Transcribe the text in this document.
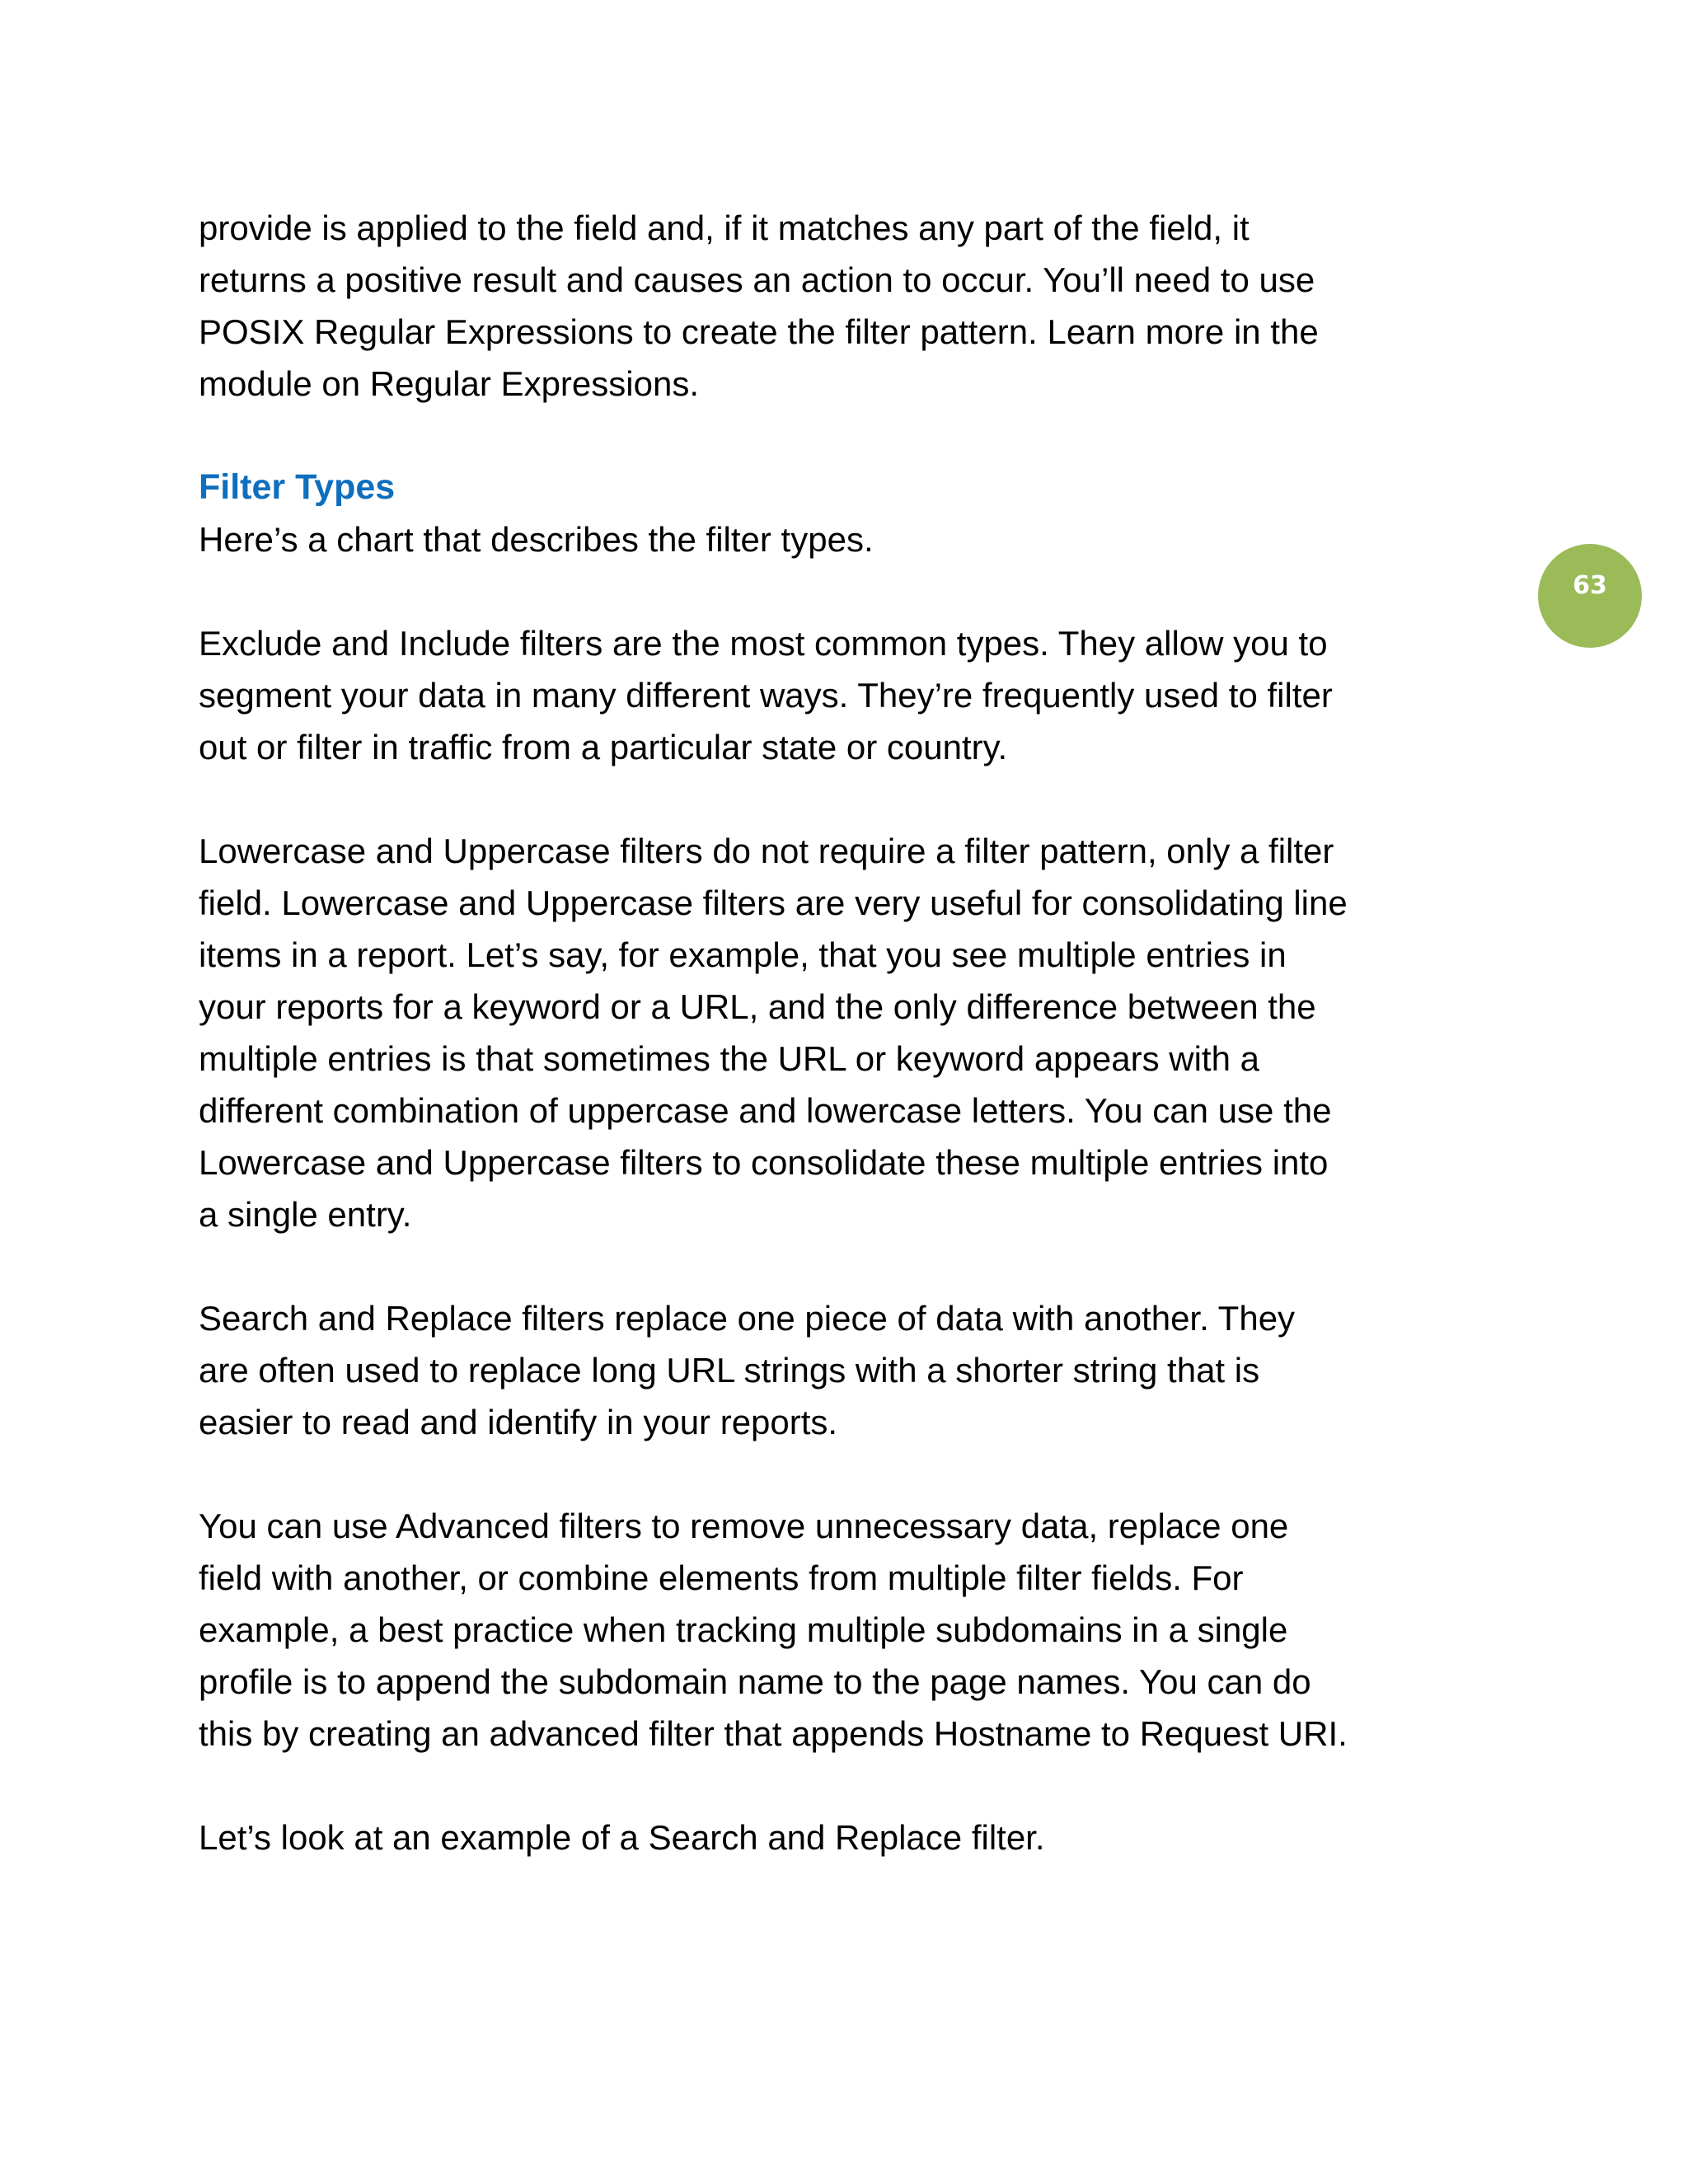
63

provide is applied to the field and, if it matches any part of the field, it
returns a positive result and causes an action to occur. You’ll need to use
POSIX Regular Expressions to create the filter pattern. Learn more in the
module on Regular Expressions.

Filter Types

Here’s a chart that describes the filter types.

Exclude and Include filters are the most common types. They allow you to
segment your data in many different ways. They’re frequently used to filter
out or filter in traffic from a particular state or country.

Lowercase and Uppercase filters do not require a filter pattern, only a filter
field. Lowercase and Uppercase filters are very useful for consolidating line
items in a report. Let’s say, for example, that you see multiple entries in
your reports for a keyword or a URL, and the only difference between the
multiple entries is that sometimes the URL or keyword appears with a
different combination of uppercase and lowercase letters. You can use the
Lowercase and Uppercase filters to consolidate these multiple entries into
a single entry.

Search and Replace filters replace one piece of data with another. They
are often used to replace long URL strings with a shorter string that is
easier to read and identify in your reports.

You can use Advanced filters to remove unnecessary data, replace one
field with another, or combine elements from multiple filter fields. For
example, a best practice when tracking multiple subdomains in a single
profile is to append the subdomain name to the page names. You can do
this by creating an advanced filter that appends Hostname to Request URI.

Let’s look at an example of a Search and Replace filter.
